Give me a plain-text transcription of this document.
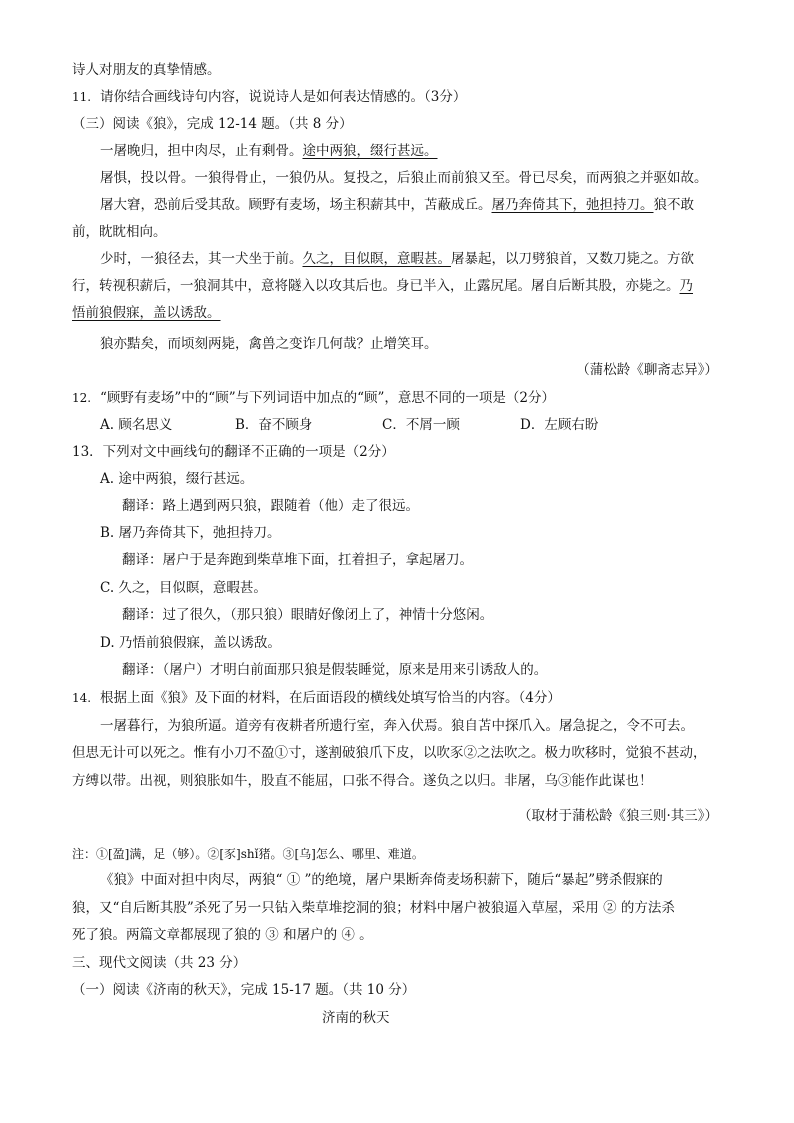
诗人对朋友的真挚情感。
11. 请你结合画线诗句内容，说说诗人是如何表达情感的。（3分）
（三）阅读《狼》，完成 12-14 题。（共 8 分）
一屠晚归，担中肉尽，止有剩骨。途中两狼，缀行甚远。
屠惧，投以骨。一狼得骨止，一狼仍从。复投之，后狼止而前狼又至。骨已尽矣，而两狼之并驱如故。
屠大窘，恐前后受其敌。顾野有麦场，场主积薪其中，苫蔽成丘。屠乃奔倚其下，弛担持刀。狼不敢
前，眈眈相向。
少时，一狼径去，其一犬坐于前。久之，目似瞑，意暇甚。屠暴起，以刀劈狼首，又数刀毙之。方欲
行，转视积薪后，一狼洞其中，意将隧入以攻其后也。身已半入，止露尻尾。屠自后断其股，亦毙之。乃
悟前狼假寐，盖以诱敌。
狼亦黠矣，而顷刻两毙，禽兽之变诈几何哉？止增笑耳。
（蒲松龄《聊斋志异》）
12. “顾野有麦场”中的“顾”与下列词语中加点的“顾”，意思不同的一项是（2分）
A. 顾名思义	B．奋不顾身	C．不屑一顾	D．左顾右盼
13．下列对文中画线句的翻译不正确的一项是（2分）
A. 途中两狼，缀行甚远。
翻译：路上遇到两只狼，跟随着（他）走了很远。
B. 屠乃奔倚其下，弛担持刀。
翻译：屠户于是奔跑到柴草堆下面，扛着担子，拿起屠刀。
C. 久之，目似瞑，意暇甚。
翻译：过了很久，（那只狼）眼睛好像闭上了，神情十分悠闲。
D. 乃悟前狼假寐，盖以诱敌。
翻译：（屠户）才明白前面那只狼是假装睡觉，原来是用来引诱敌人的。
14. 根据上面《狼》及下面的材料，在后面语段的横线处填写恰当的内容。（4分）
一屠暮行，为狼所逼。道旁有夜耕者所遗行室，奔入伏焉。狼自苫中探爪入。屠急捉之，令不可去。
但思无计可以死之。惟有小刀不盈①寸，遂割破狼爪下皮，以吹豕②之法吹之。极力吹移时，觉狼不甚动，
方缚以带。出视，则狼胀如牛，股直不能屈，口张不得合。遂负之以归。非屠，乌③能作此谋也！
（取材于蒲松龄《狼三则·其三》）
注：①[盈]满，足（够）。②[豕]shǐ猪。③[乌]怎么、哪里、难道。
《狼》中面对担中肉尽，两狼“ ① ”的绝境，屠户果断奔倚麦场积薪下，随后“暴起”劈杀假寐的
狼，又“自后断其股”杀死了另一只钻入柴草堆挖洞的狼；材料中屠户被狼逼入草屋，采用 ② 的方法杀
死了狼。两篇文章都展现了狼的 ③ 和屠户的 ④ 。
三、现代文阅读（共 23 分）
（一）阅读《济南的秋天》，完成 15-17 题。（共 10 分）
济南的秋天
